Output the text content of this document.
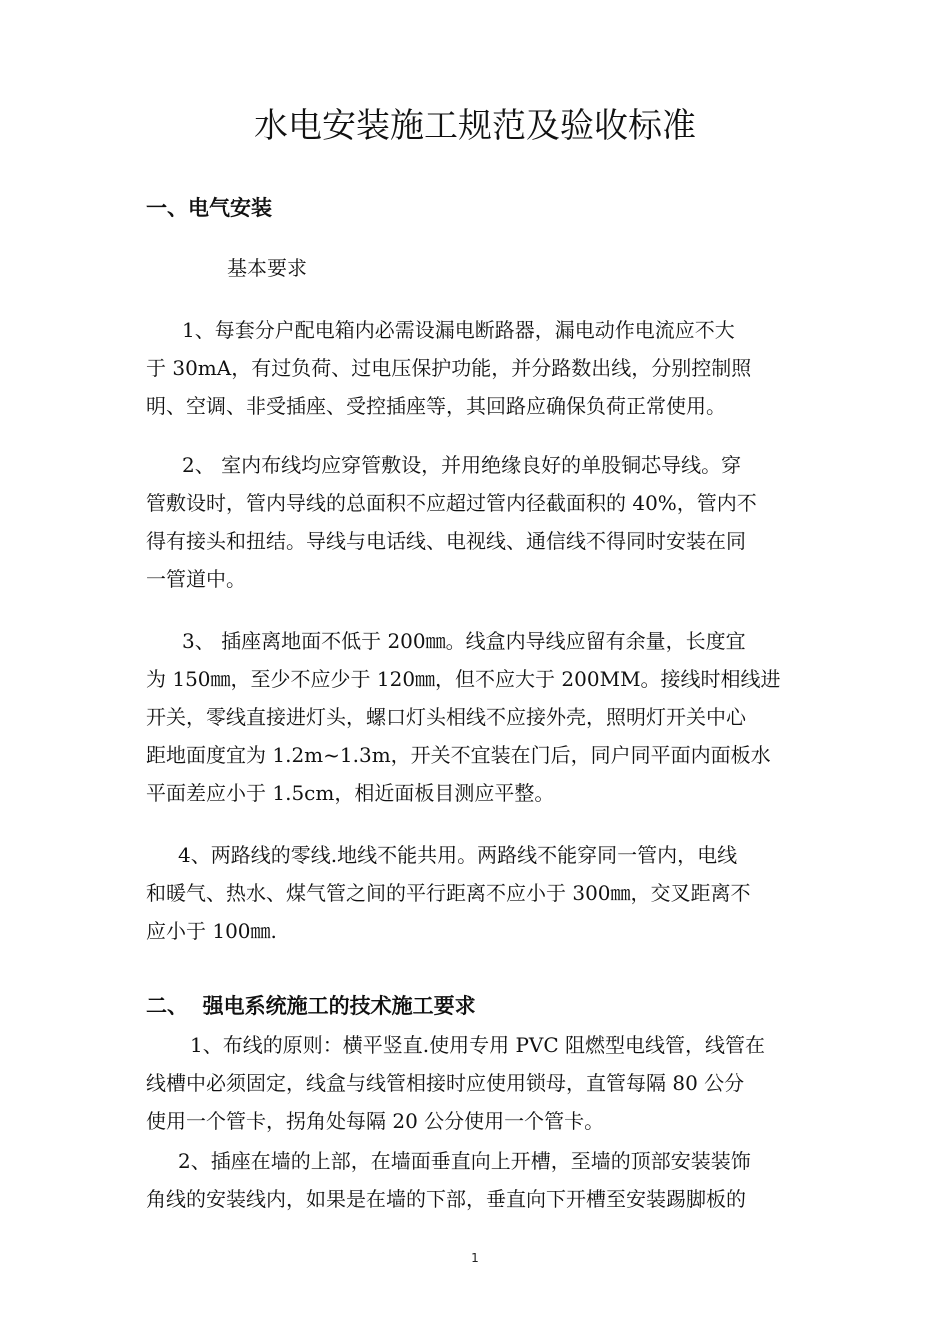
水电安装施工规范及验收标准
一、电气安装
基本要求
1、每套分户配电箱内必需设漏电断路器，漏电动作电流应不大
于 30mA，有过负荷、过电压保护功能，并分路数出线，分别控制照
明、空调、非受插座、受控插座等，其回路应确保负荷正常使用。
2、 室内布线均应穿管敷设，并用绝缘良好的单股铜芯导线。穿
管敷设时，管内导线的总面积不应超过管内径截面积的 40%，管内不
得有接头和扭结。导线与电话线、电视线、通信线不得同时安装在同
一管道中。
3、 插座离地面不低于 200㎜。线盒内导线应留有余量，长度宜
为 150㎜，至少不应少于 120㎜，但不应大于 200MM。接线时相线进
开关，零线直接进灯头，螺口灯头相线不应接外壳，照明灯开关中心
距地面度宜为 1.2m~1.3m，开关不宜装在门后，同户同平面内面板水
平面差应小于 1.5cm，相近面板目测应平整。
4、两路线的零线.地线不能共用。两路线不能穿同一管内，电线
和暖气、热水、煤气管之间的平行距离不应小于 300㎜，交叉距离不
应小于 100㎜.
二、  强电系统施工的技术施工要求
1、布线的原则：横平竖直.使用专用 PVC 阻燃型电线管，线管在
线槽中必须固定，线盒与线管相接时应使用锁母，直管每隔 80 公分
使用一个管卡，拐角处每隔 20 公分使用一个管卡。
2、插座在墙的上部，在墙面垂直向上开槽，至墙的顶部安装装饰
角线的安装线内，如果是在墙的下部，垂直向下开槽至安装踢脚板的
1
